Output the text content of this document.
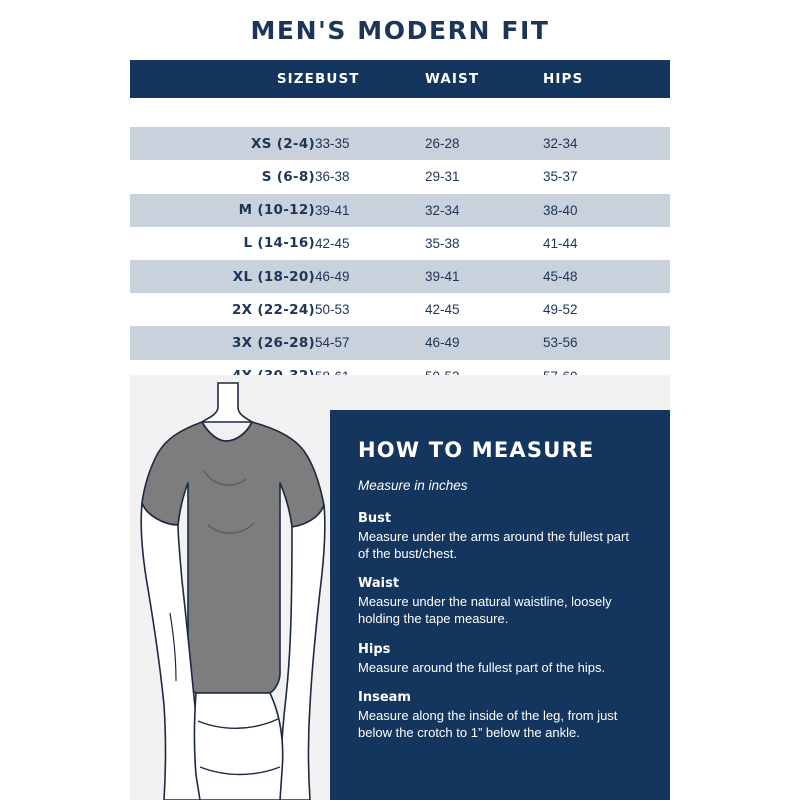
MEN'S MODERN FIT
SIZE	BUST	WAIST	HIPS

XS (2-4)	33-35	26-28	32-34
S (6-8)	36-38	29-31	35-37
M (10-12)	39-41	32-34	38-40
L (14-16)	42-45	35-38	41-44
XL (18-20)	46-49	39-41	45-48
2X (22-24)	50-53	42-45	49-52
3X (26-28)	54-57	46-49	53-56

HOW TO MEASURE
Measure in inches
Bust
Measure under the arms around the fullest part of the bust/chest.
Waist
Measure under the natural waistline, loosely holding the tape measure.
Hips
Measure around the fullest part of the hips.
Inseam
Measure along the inside of the leg, from just below the crotch to 1” below the ankle.
